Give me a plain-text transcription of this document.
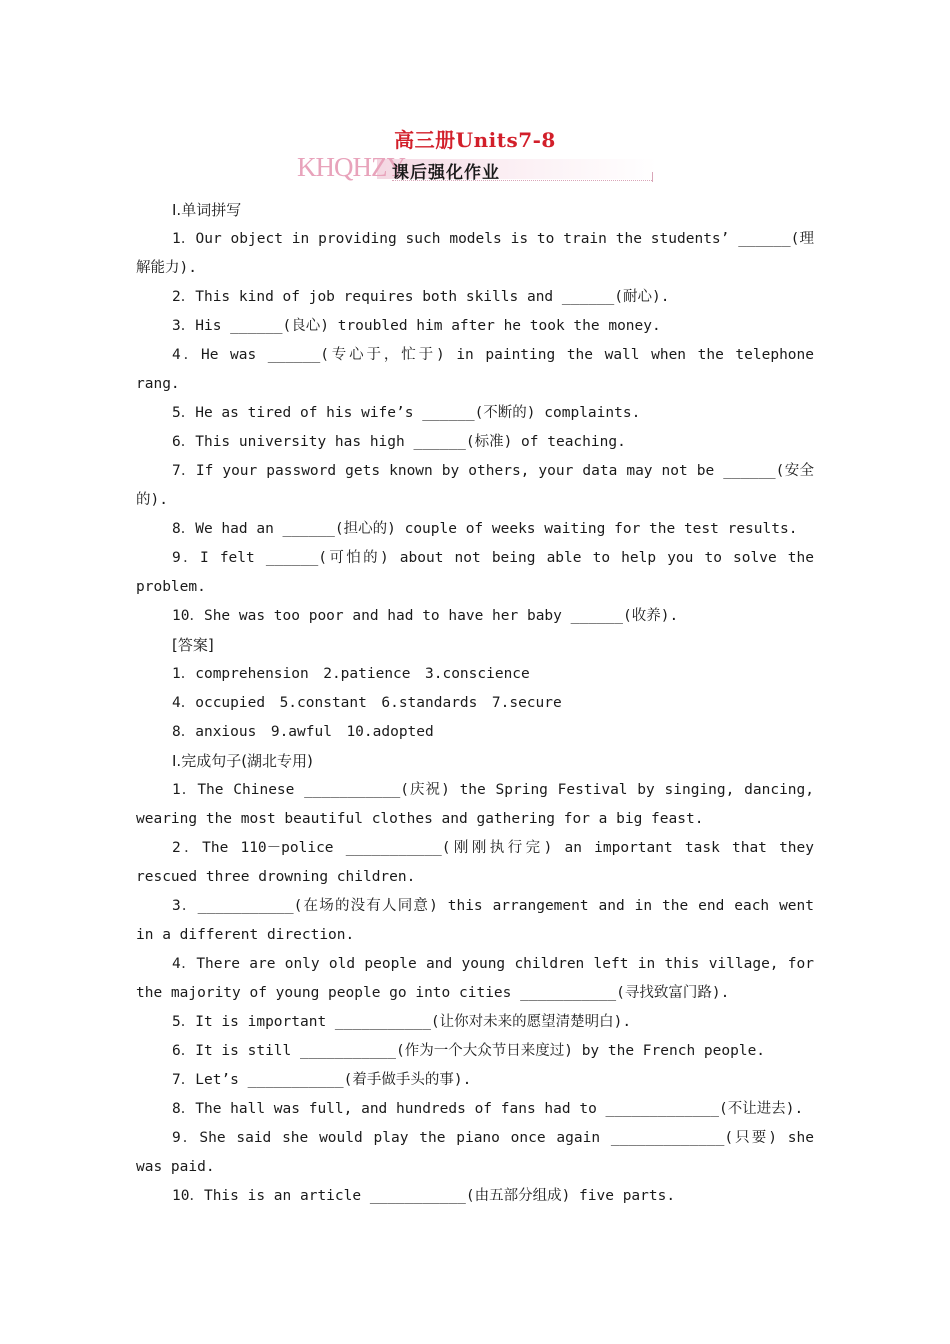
高三册Units7-8
KHQHZY
课后强化作业

Ⅰ.单词拼写

1．Our object in providing such models is to train the students’ ______(理解能力).

2．This kind of job requires both skills and ______(耐心).

3．His ______(良心) troubled him after he took the money.

4．He was ______(专心于，忙于) in painting the wall when the telephone rang.

5．He as tired of his wife’s ______(不断的) complaints.

6．This university has high ______(标准) of teaching.

7．If your password gets known by others, your data may not be ______(安全的).

8．We had an ______(担心的) couple of weeks waiting for the test results.

9．I felt ______(可怕的) about not being able to help you to solve the problem.

10．She was too poor and had to have her baby ______(收养).

[答案]

1．comprehension　2.patience　3.conscience

4．occupied　5.constant　6.standards　7.secure

8．anxious　9.awful　10.adopted

Ⅰ.完成句子(湖北专用)

1．The Chinese ___________(庆祝) the Spring Festival by singing, dancing, wearing the most beautiful clothes and gathering for a big feast.

2．The 110－police ___________(刚刚执行完) an important task that they rescued three drowning children.

3．___________(在场的没有人同意) this arrangement and in the end each went in a different direction.

4．There are only old people and young children left in this village, for the majority of young people go into cities ___________(寻找致富门路).

5．It is important ___________(让你对未来的愿望清楚明白).

6．It is still ___________(作为一个大众节日来度过) by the French people.

7．Let’s ___________(着手做手头的事).

8．The hall was full, and hundreds of fans had to _____________(不让进去).

9．She said she would play the piano once again _____________(只要) she was paid.

10．This is an article ___________(由五部分组成) five parts.
